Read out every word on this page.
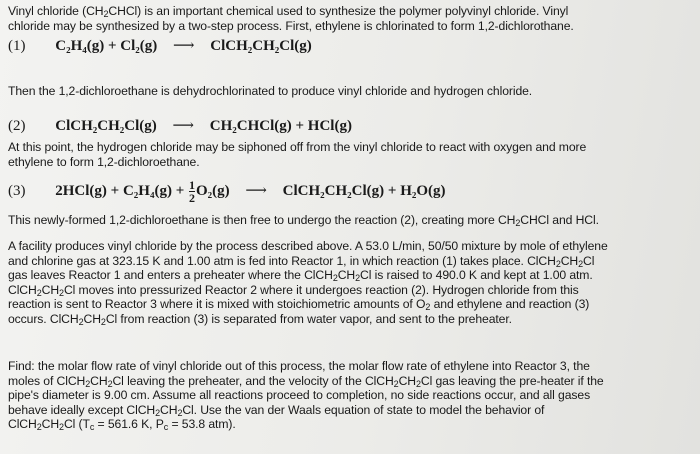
Vinyl chloride $(CH_2CHCl)$ is an important chemical used to synthesize the polymer polyvinyl chloride. Vinyl
chloride may be synthesized by a two-step process. First, ethylene is chlorinated to form 1,2-dichlorothane.

(1) C₂H₄(g) + Cl₂(g) ⟶ ClCH₂CH₂Cl(g)

Then the 1,2-dichloroethane is dehydrochlorinated to produce vinyl chloride and hydrogen chloride.

(2) ClCH₂CH₂Cl(g) ⟶ CH₂CHCl(g) + HCl(g)

At this point, the hydrogen chloride may be siphoned off from the vinyl chloride to react with oxygen and more
ethylene to form 1,2-dichloroethane.

(3) $2HCl(g) + C_2H_4(g) + \frac{1}{2} O_2(g)$ ⟶ ClCH₂CH₂Cl(g) + H₂O(g)

This newly-formed 1,2-dichloroethane is then free to undergo the reaction (2), creating more $CH_2CHCl$ and HCl.

A facility produces vinyl chloride by the process described above. A 53.0 L/min, 50/50 mixture by mole of ethylene
and chlorine gas at 323.15 K and 1.00 atm is fed into Reactor 1, in which reaction (1) takes place. $ClCH_2CH_2Cl$
gas leaves Reactor 1 and enters a preheater where the $ClCH_2CH_2Cl$ is raised to 490.0 K and kept at 1.00 atm.
$ClCH_2CH_2Cl$ moves into pressurized Reactor 2 where it undergoes reaction (2). Hydrogen chloride from this
reaction is sent to Reactor 3 where it is mixed with stoichiometric amounts of $O_2$ and ethylene and reaction (3)
occurs. $ClCH_2CH_2Cl$ from reaction (3) is separated from water vapor, and sent to the preheater.

Find: the molar flow rate of vinyl chloride out of this process, the molar flow rate of ethylene into Reactor 3, the
moles of $ClCH_2CH_2Cl$ leaving the preheater, and the velocity of the $ClCH_2CH_2Cl$ gas leaving the pre-heater if the
pipe's diameter is 9.00 cm. Assume all reactions proceed to completion, no side reactions occur, and all gases
behave ideally except $ClCH_2CH_2Cl$. Use the van der Waals equation of state to model the behavior of
$ClCH_2CH_2Cl$ ($T_c = 561.6$ K, $P_c = 53.8$ atm).
